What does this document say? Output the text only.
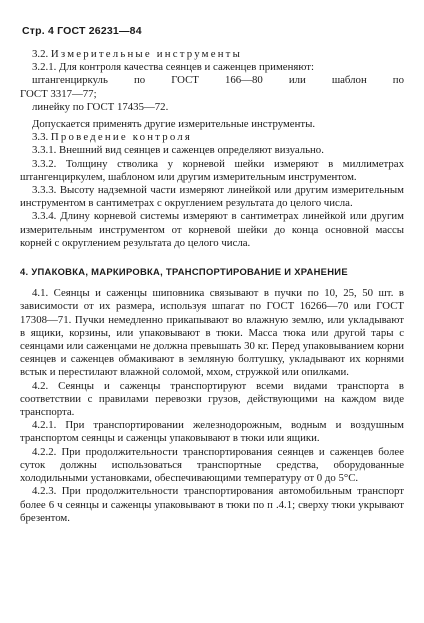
Стр. 4 ГОСТ 26231—84

3.2. Измерительные инструменты

3.2.1. Для контроля качества сеянцев и саженцев применяют:

штангенциркуль по ГОСТ 166—80 или шаблон по

ГОСТ 3317—77;

линейку по ГОСТ 17435—72.

Допускается применять другие измерительные инструменты.

3.3. Проведение контроля

3.3.1. Внешний вид сеянцев и саженцев определяют визуально.

3.3.2. Толщину стволика у корневой шейки измеряют в миллиметрах штангенциркулем, шаблоном или другим измерительным инструментом.

3.3.3. Высоту надземной части измеряют линейкой или другим измерительным инструментом в сантиметрах с округлением результата до целого числа.

3.3.4. Длину корневой системы измеряют в сантиметрах линейкой или другим измерительным инструментом от корневой шейки до конца основной массы корней с округлением результата до целого числа.

4. УПАКОВКА, МАРКИРОВКА, ТРАНСПОРТИРОВАНИЕ И ХРАНЕНИЕ

4.1. Сеянцы и саженцы шиповника связывают в пучки по 10, 25, 50 шт. в зависимости от их размера, используя шпагат по ГОСТ 16266—70 или ГОСТ 17308—71. Пучки немедленно прикапывают во влажную землю, или укладывают в ящики, корзины, или упаковывают в тюки. Масса тюка или другой тары с сеянцами или саженцами не должна превышать 30 кг. Перед упаковыванием корни сеянцев и саженцев обмакивают в земляную болтушку, укладывают их корнями встык и перестилают влажной соломой, мхом, стружкой или опилками.

4.2. Сеянцы и саженцы транспортируют всеми видами транспорта в соответствии с правилами перевозки грузов, действующими на каждом виде транспорта.

4.2.1. При транспортировании железнодорожным, водным и воздушным транспортом сеянцы и саженцы упаковывают в тюки или ящики.

4.2.2. При продолжительности транспортирования сеянцев и саженцев более суток должны использоваться транспортные средства, оборудованные холодильными установками, обеспечивающими температуру от 0 до 5°С.

4.2.3. При продолжительности транспортирования автомобильным транспорт более 6 ч сеянцы и саженцы упаковывают в тюки по п .4.1; сверху тюки укрывают брезентом.
